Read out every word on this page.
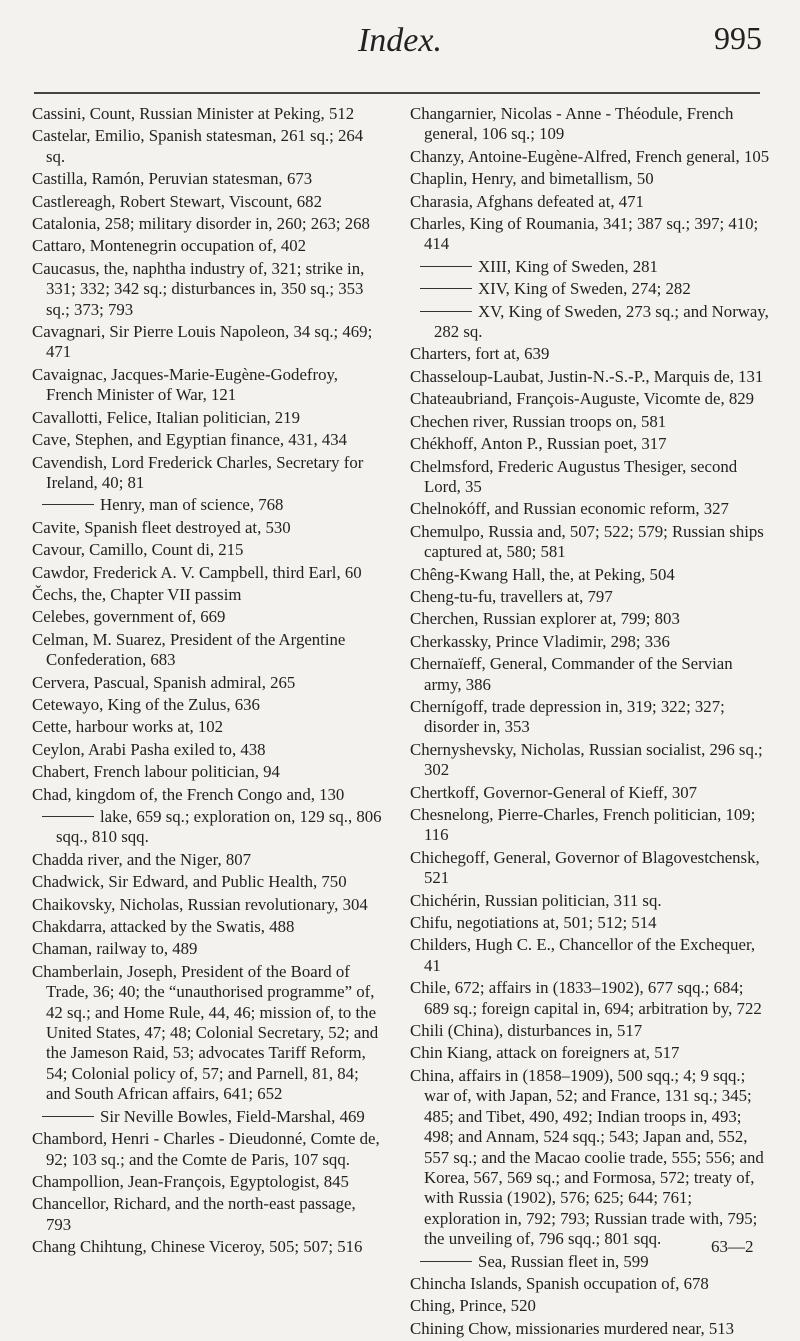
Index.	995
Cassini, Count, Russian Minister at Peking, 512
Castelar, Emilio, Spanish statesman, 261 sq.; 264 sq.
Castilla, Ramón, Peruvian statesman, 673
Castlereagh, Robert Stewart, Viscount, 682
Catalonia, 258; military disorder in, 260; 263; 268
Cattaro, Montenegrin occupation of, 402
Caucasus, the, naphtha industry of, 321; strike in, 331; 332; 342 sq.; disturbances in, 350 sq.; 353 sq.; 373; 793
Cavagnari, Sir Pierre Louis Napoleon, 34 sq.; 469; 471
Cavaignac, Jacques-Marie-Eugène-Godefroy, French Minister of War, 121
Cavallotti, Felice, Italian politician, 219
Cave, Stephen, and Egyptian finance, 431, 434
Cavendish, Lord Frederick Charles, Secretary for Ireland, 40; 81
Henry, man of science, 768
Cavite, Spanish fleet destroyed at, 530
Cavour, Camillo, Count di, 215
Cawdor, Frederick A. V. Campbell, third Earl, 60
Čechs, the, Chapter VII passim
Celebes, government of, 669
Celman, M. Suarez, President of the Argentine Confederation, 683
Cervera, Pascual, Spanish admiral, 265
Cetewayo, King of the Zulus, 636
Cette, harbour works at, 102
Ceylon, Arabi Pasha exiled to, 438
Chabert, French labour politician, 94
Chad, kingdom of, the French Congo and, 130
lake, 659 sq.; exploration on, 129 sq., 806 sqq., 810 sqq.
Chadda river, and the Niger, 807
Chadwick, Sir Edward, and Public Health, 750
Chaikovsky, Nicholas, Russian revolutionary, 304
Chakdarra, attacked by the Swatis, 488
Chaman, railway to, 489
Chamberlain, Joseph, President of the Board of Trade, 36; 40; the “unauthorised programme” of, 42 sq.; and Home Rule, 44, 46; mission of, to the United States, 47; 48; Colonial Secretary, 52; and the Jameson Raid, 53; advocates Tariff Reform, 54; Colonial policy of, 57; and Parnell, 81, 84; and South African affairs, 641; 652
Sir Neville Bowles, Field-Marshal, 469
Chambord, Henri - Charles - Dieudonné, Comte de, 92; 103 sq.; and the Comte de Paris, 107 sqq.
Champollion, Jean-François, Egyptologist, 845
Chancellor, Richard, and the north-east passage, 793
Chang Chihtung, Chinese Viceroy, 505; 507; 516
Changarnier, Nicolas - Anne - Théodule, French general, 106 sq.; 109
Chanzy, Antoine-Eugène-Alfred, French general, 105
Chaplin, Henry, and bimetallism, 50
Charasia, Afghans defeated at, 471
Charles, King of Roumania, 341; 387 sq.; 397; 410; 414
XIII, King of Sweden, 281
XIV, King of Sweden, 274; 282
XV, King of Sweden, 273 sq.; and Norway, 282 sq.
Charters, fort at, 639
Chasseloup-Laubat, Justin-N.-S.-P., Marquis de, 131
Chateaubriand, François-Auguste, Vicomte de, 829
Chechen river, Russian troops on, 581
Chékhoff, Anton P., Russian poet, 317
Chelmsford, Frederic Augustus Thesiger, second Lord, 35
Chelnokóff, and Russian economic reform, 327
Chemulpo, Russia and, 507; 522; 579; Russian ships captured at, 580; 581
Chêng-Kwang Hall, the, at Peking, 504
Cheng-tu-fu, travellers at, 797
Cherchen, Russian explorer at, 799; 803
Cherkassky, Prince Vladimir, 298; 336
Chernaïeff, General, Commander of the Servian army, 386
Chernígoff, trade depression in, 319; 322; 327; disorder in, 353
Chernyshevsky, Nicholas, Russian socialist, 296 sq.; 302
Chertkoff, Governor-General of Kieff, 307
Chesnelong, Pierre-Charles, French politician, 109; 116
Chichegoff, General, Governor of Blagovestchensk, 521
Chichérin, Russian politician, 311 sq.
Chifu, negotiations at, 501; 512; 514
Childers, Hugh C. E., Chancellor of the Exchequer, 41
Chile, 672; affairs in (1833–1902), 677 sqq.; 684; 689 sq.; foreign capital in, 694; arbitration by, 722
Chili (China), disturbances in, 517
Chin Kiang, attack on foreigners at, 517
China, affairs in (1858–1909), 500 sqq.; 4; 9 sqq.; war of, with Japan, 52; and France, 131 sq.; 345; 485; and Tibet, 490, 492; Indian troops in, 493; 498; and Annam, 524 sqq.; 543; Japan and, 552, 557 sq.; and the Macao coolie trade, 555; 556; and Korea, 567, 569 sq.; and Formosa, 572; treaty of, with Russia (1902), 576; 625; 644; 761; exploration in, 792; 793; Russian trade with, 795; the unveiling of, 796 sqq.; 801 sqq.
Sea, Russian fleet in, 599
Chincha Islands, Spanish occupation of, 678
Ching, Prince, 520
Chining Chow, missionaries murdered near, 513
63—2
